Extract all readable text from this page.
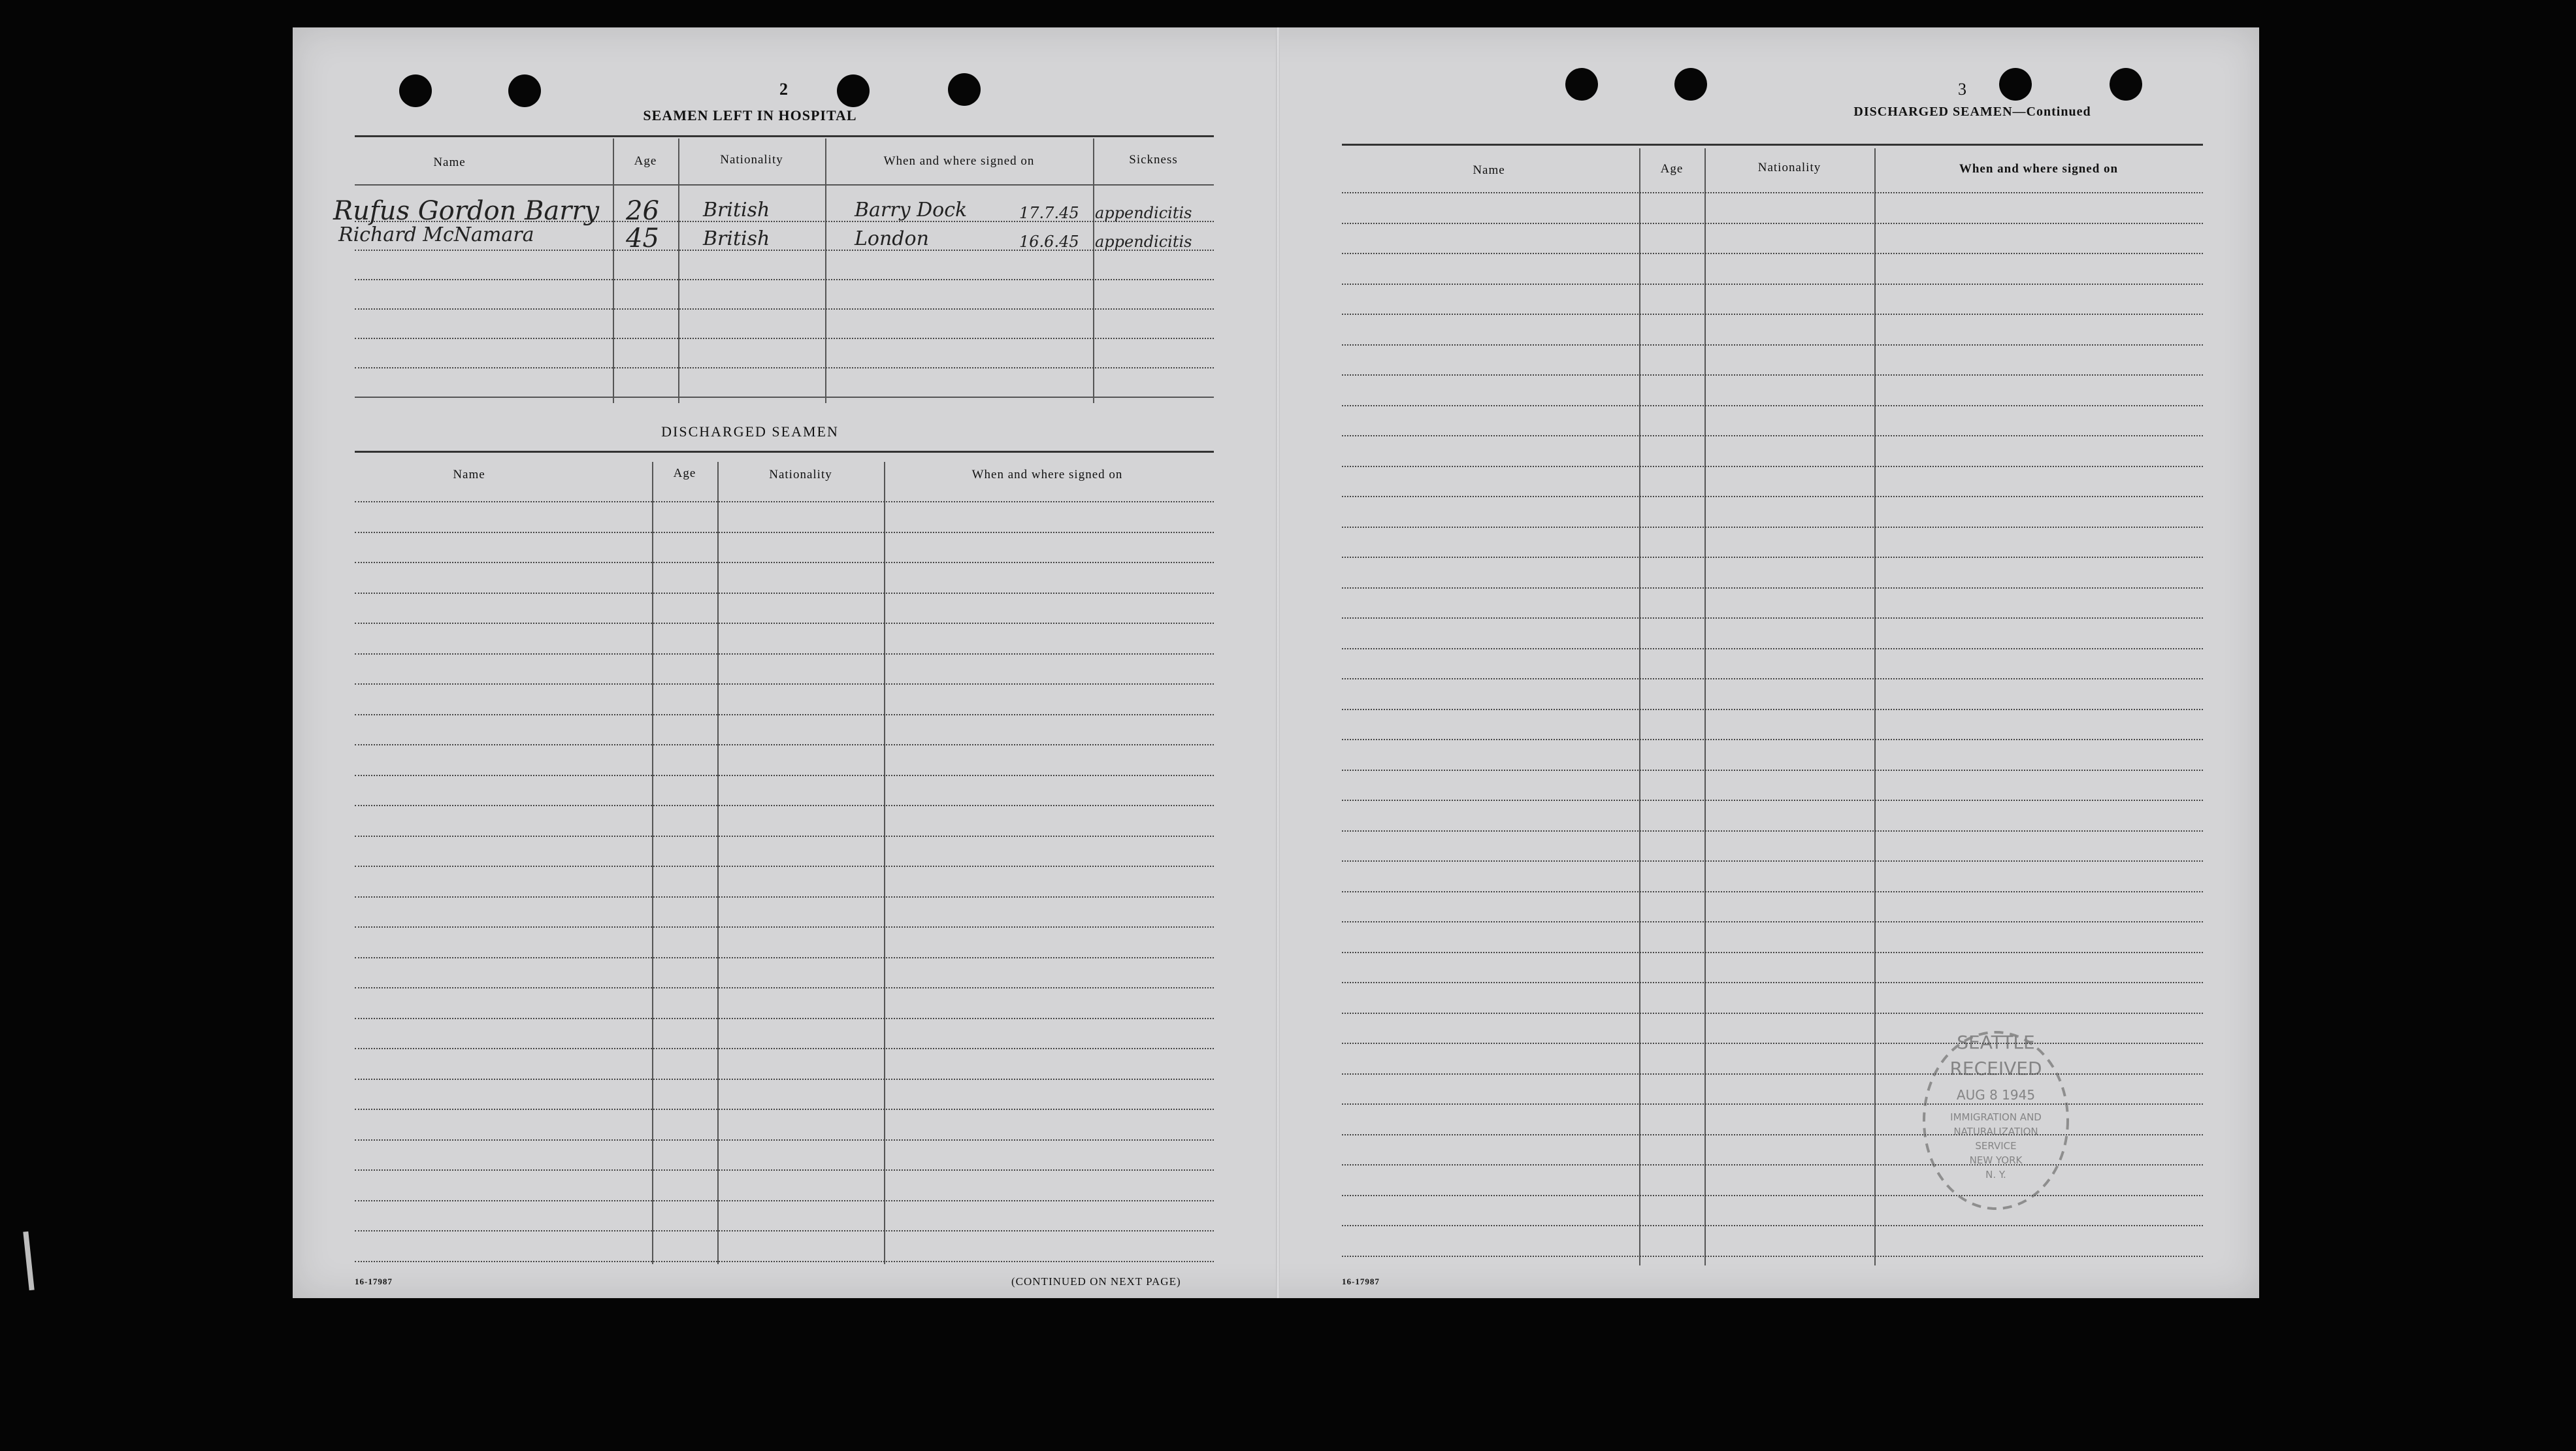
2
SEAMEN LEFT IN HOSPITAL
Name	Age	Nationality	When and where signed on	Sickness
Rufus Gordon Barry 26 British	Barry Dock	17.7.45 appendicitis
Richard McNamara	45 British	London	16.6.45 appendicitis
DISCHARGED SEAMEN
Name	Age	Nationality	When and where signed on
16-17987	(CONTINUED ON NEXT PAGE)
3
DISCHARGED SEAMEN—Continued
Name	Age	Nationality	When and where signed on
16-17987
SEATTLE
RECEIVED
AUG 8 1945
IMMIGRATION AND
NATURALIZATION
SERVICE
NEW YORK
N. Y.
